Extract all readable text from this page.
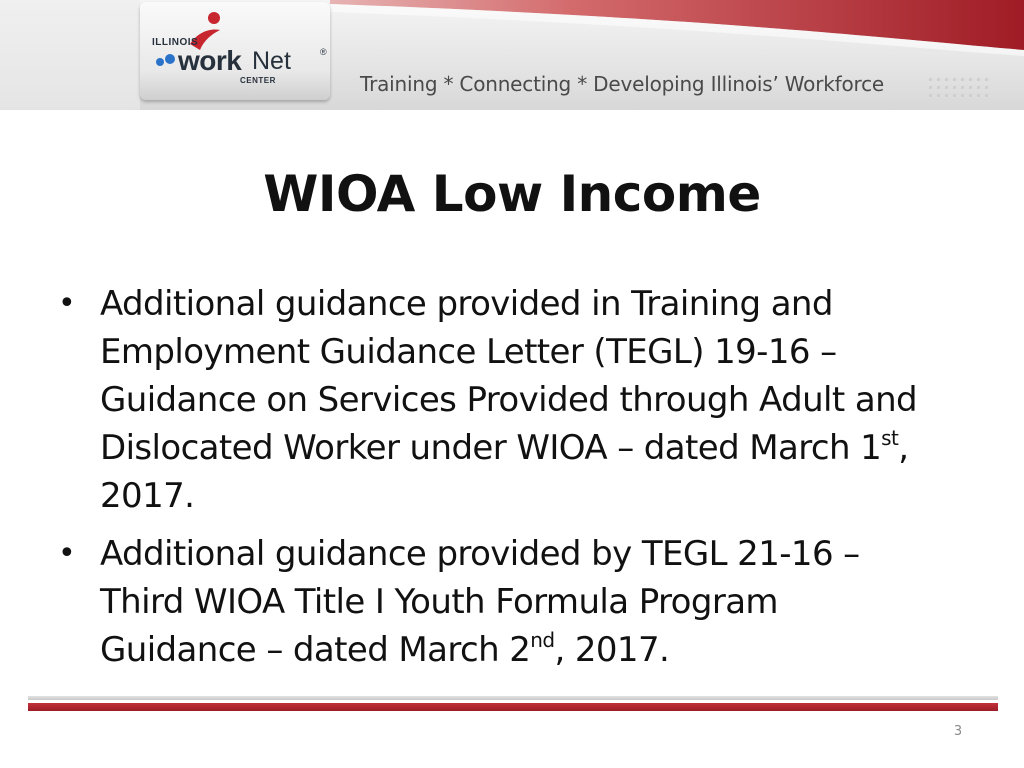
ILLINOIS
work Net	®
CENTER	Training * Connecting * Developing Illinois’ Workforce
WIOA Low Income
• Additional guidance provided in Training and Employment Guidance Letter (TEGL) 19-16 – Guidance on Services Provided through Adult and Dislocated Worker under WIOA – dated March 1st, 2017.
• Additional guidance provided by TEGL 21-16 – Third WIOA Title I Youth Formula Program Guidance – dated March 2nd, 2017.
3
